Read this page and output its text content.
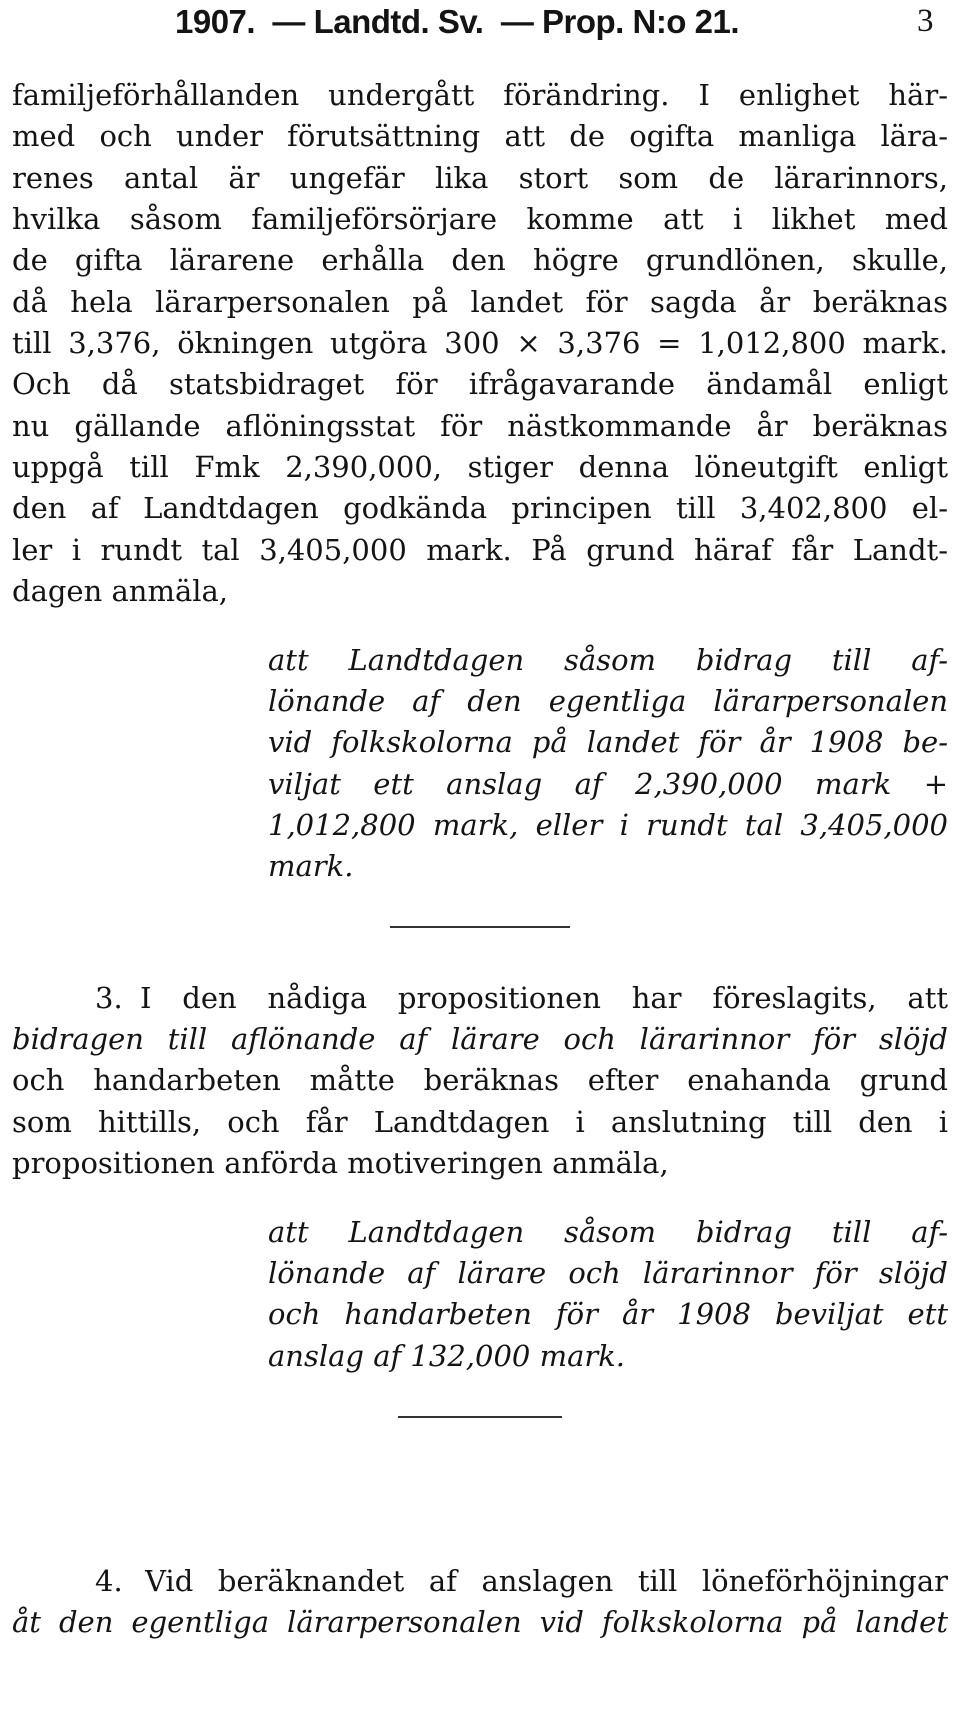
1907.  — Landtd. Sv.  — Prop. N:o 21.	3
familjeförhållanden undergått förändring. I enlighet här-
med och under förutsättning att de ogifta manliga lära-
renes antal är ungefär lika stort som de lärarinnors,
hvilka såsom familjeförsörjare komme att i likhet med
de gifta lärarene erhålla den högre grundlönen, skulle,
då hela lärarpersonalen på landet för sagda år beräknas
till 3,376, ökningen utgöra 300 × 3,376 = 1,012,800 mark.
Och då statsbidraget för ifrågavarande ändamål enligt
nu gällande aflöningsstat för nästkommande år beräknas
uppgå till Fmk 2,390,000, stiger denna löneutgift enligt
den af Landtdagen godkända principen till 3,402,800 el-
ler i rundt tal 3,405,000 mark. På grund häraf får Landt-
dagen anmäla,
att Landtdagen såsom bidrag till af-
lönande af den egentliga lärarpersonalen
vid folkskolorna på landet för år 1908 be-
viljat ett anslag af 2,390,000 mark +
1,012,800 mark, eller i rundt tal 3,405,000
mark.
3. I den nådiga propositionen har föreslagits, att
bidragen till aflönande af lärare och lärarinnor för slöjd
och handarbeten måtte beräknas efter enahanda grund
som hittills, och får Landtdagen i anslutning till den i
propositionen anförda motiveringen anmäla,
att Landtdagen såsom bidrag till af-
lönande af lärare och lärarinnor för slöjd
och handarbeten för år 1908 beviljat ett
anslag af 132,000 mark.
4. Vid beräknandet af anslagen till löneförhöjningar
åt den egentliga lärarpersonalen vid folkskolorna på landet
